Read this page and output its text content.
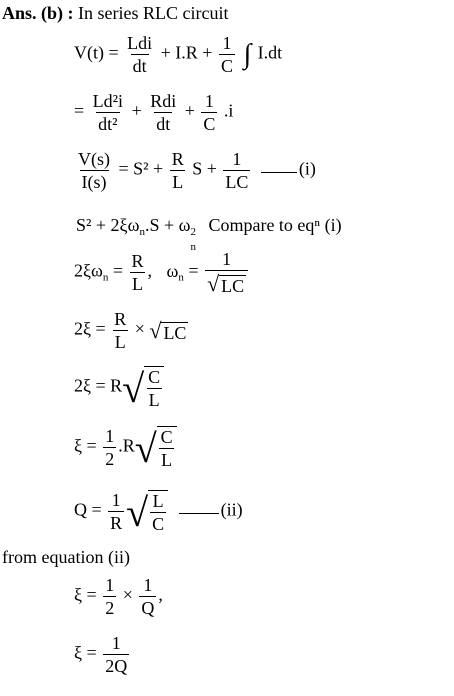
Ans. (b) : In series RLC circuit
$V(t) = \frac{\text{Ldi}}{dt} + I.R + \frac{1}{C}$ ∫ I.dt
= $\frac{\text{Ld²i}}{\text{dt²}} + \frac{\text{Rdi}}{dt} + \frac{1}{C} .i$
$\frac{V(s)}{I(s)} = S^2 + \frac{R}{L}$ $S + \frac{1}{LC}$	(i)
$S^2 + 2\xi\omega_n.S + \omega$ 2
n
Compare to eqⁿ (i)
$2\xi\omega_n = \frac{R}{L}$ , $\omega_n = \frac{1}{√ LC}$
$2\xi = \frac{R}{L}$ × √ LC
2ξ = R √ $\frac{C}{L}$
$\xi = \frac{1}{2} .R$ √ $\frac{C}{L}$
$Q = \frac{1}{R}$ √ $\frac{L}{C}$	(ii)
from equation (ii)
$\xi = \frac{1}{2} \times \frac{1}{Q}$ ,
$\xi = \frac{1}{2Q}$
